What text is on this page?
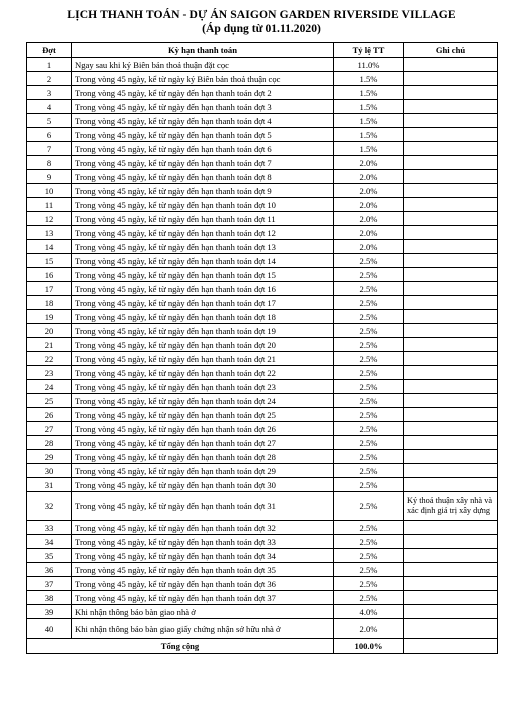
LỊCH THANH TOÁN - DỰ ÁN SAIGON GARDEN RIVERSIDE VILLAGE
(Áp dụng từ 01.11.2020)
Đợt	Kỳ hạn thanh toán	Tỷ lệ TT	Ghi chú
1	Ngay sau khi ký Biên bản thoả thuận đặt cọc	11.0%	
2	Trong vòng 45 ngày, kể từ ngày ký Biên bản thoả thuận cọc	1.5%	
3	Trong vòng 45 ngày, kể từ ngày đến hạn thanh toán đợt 2	1.5%	
4	Trong vòng 45 ngày, kể từ ngày đến hạn thanh toán đợt 3	1.5%	
5	Trong vòng 45 ngày, kể từ ngày đến hạn thanh toán đợt 4	1.5%	
6	Trong vòng 45 ngày, kể từ ngày đến hạn thanh toán đợt 5	1.5%	
7	Trong vòng 45 ngày, kể từ ngày đến hạn thanh toán đợt 6	1.5%	
8	Trong vòng 45 ngày, kể từ ngày đến hạn thanh toán đợt 7	2.0%	
9	Trong vòng 45 ngày, kể từ ngày đến hạn thanh toán đợt 8	2.0%	
10	Trong vòng 45 ngày, kể từ ngày đến hạn thanh toán đợt 9	2.0%	
11	Trong vòng 45 ngày, kể từ ngày đến hạn thanh toán đợt 10	2.0%	
12	Trong vòng 45 ngày, kể từ ngày đến hạn thanh toán đợt 11	2.0%	
13	Trong vòng 45 ngày, kể từ ngày đến hạn thanh toán đợt 12	2.0%	
14	Trong vòng 45 ngày, kể từ ngày đến hạn thanh toán đợt 13	2.0%	
15	Trong vòng 45 ngày, kể từ ngày đến hạn thanh toán đợt 14	2.5%	
16	Trong vòng 45 ngày, kể từ ngày đến hạn thanh toán đợt 15	2.5%	
17	Trong vòng 45 ngày, kể từ ngày đến hạn thanh toán đợt 16	2.5%	
18	Trong vòng 45 ngày, kể từ ngày đến hạn thanh toán đợt 17	2.5%	
19	Trong vòng 45 ngày, kể từ ngày đến hạn thanh toán đợt 18	2.5%	
20	Trong vòng 45 ngày, kể từ ngày đến hạn thanh toán đợt 19	2.5%	
21	Trong vòng 45 ngày, kể từ ngày đến hạn thanh toán đợt 20	2.5%	
22	Trong vòng 45 ngày, kể từ ngày đến hạn thanh toán đợt 21	2.5%	
23	Trong vòng 45 ngày, kể từ ngày đến hạn thanh toán đợt 22	2.5%	
24	Trong vòng 45 ngày, kể từ ngày đến hạn thanh toán đợt 23	2.5%	
25	Trong vòng 45 ngày, kể từ ngày đến hạn thanh toán đợt 24	2.5%	
26	Trong vòng 45 ngày, kể từ ngày đến hạn thanh toán đợt 25	2.5%	
27	Trong vòng 45 ngày, kể từ ngày đến hạn thanh toán đợt 26	2.5%	
28	Trong vòng 45 ngày, kể từ ngày đến hạn thanh toán đợt 27	2.5%	
29	Trong vòng 45 ngày, kể từ ngày đến hạn thanh toán đợt 28	2.5%	
30	Trong vòng 45 ngày, kể từ ngày đến hạn thanh toán đợt 29	2.5%	
31	Trong vòng 45 ngày, kể từ ngày đến hạn thanh toán đợt 30	2.5%	
32	Trong vòng 45 ngày, kể từ ngày đến hạn thanh toán đợt 31	2.5%	Ký thoả thuận xây nhà và xác định giá trị xây dựng
33	Trong vòng 45 ngày, kể từ ngày đến hạn thanh toán đợt 32	2.5%	
34	Trong vòng 45 ngày, kể từ ngày đến hạn thanh toán đợt 33	2.5%	
35	Trong vòng 45 ngày, kể từ ngày đến hạn thanh toán đợt 34	2.5%	
36	Trong vòng 45 ngày, kể từ ngày đến hạn thanh toán đợt 35	2.5%	
37	Trong vòng 45 ngày, kể từ ngày đến hạn thanh toán đợt 36	2.5%	
38	Trong vòng 45 ngày, kể từ ngày đến hạn thanh toán đợt 37	2.5%	
39	Khi nhận thông báo bàn giao nhà ở	4.0%	
40	Khi nhận thông báo bàn giao giấy chứng nhận sở hữu nhà ở	2.0%	
Tổng cộng		100.0%	
